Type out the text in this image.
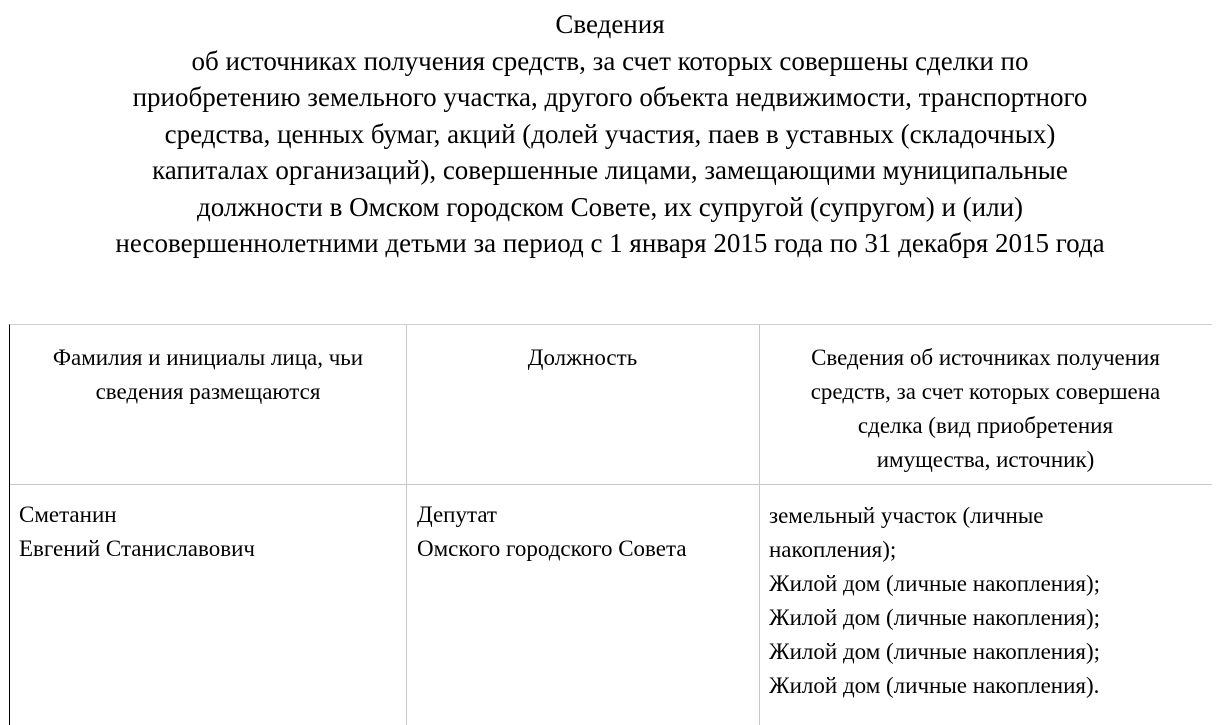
Сведения
об источниках получения средств, за счет которых совершены сделки по
приобретению земельного участка, другого объекта недвижимости, транспортного
средства, ценных бумаг, акций (долей участия, паев в уставных (складочных)
капиталах организаций), совершенные лицами, замещающими муниципальные
должности в Омском городском Совете, их супругой (супругом) и (или)
несовершеннолетними детьми за период с 1 января 2015 года по 31 декабря 2015 года
Фамилия и инициалы лица, чьи
сведения размещаются
Должность	Сведения об источниках получения
средств, за счет которых совершена
сделка (вид приобретения
имущества, источник)
Сметанин
Евгений Станиславович
Депутат
Омского городского Совета
земельный участок (личные
накопления);
Жилой дом (личные накопления);
Жилой дом (личные накопления);
Жилой дом (личные накопления);
Жилой дом (личные накопления).
